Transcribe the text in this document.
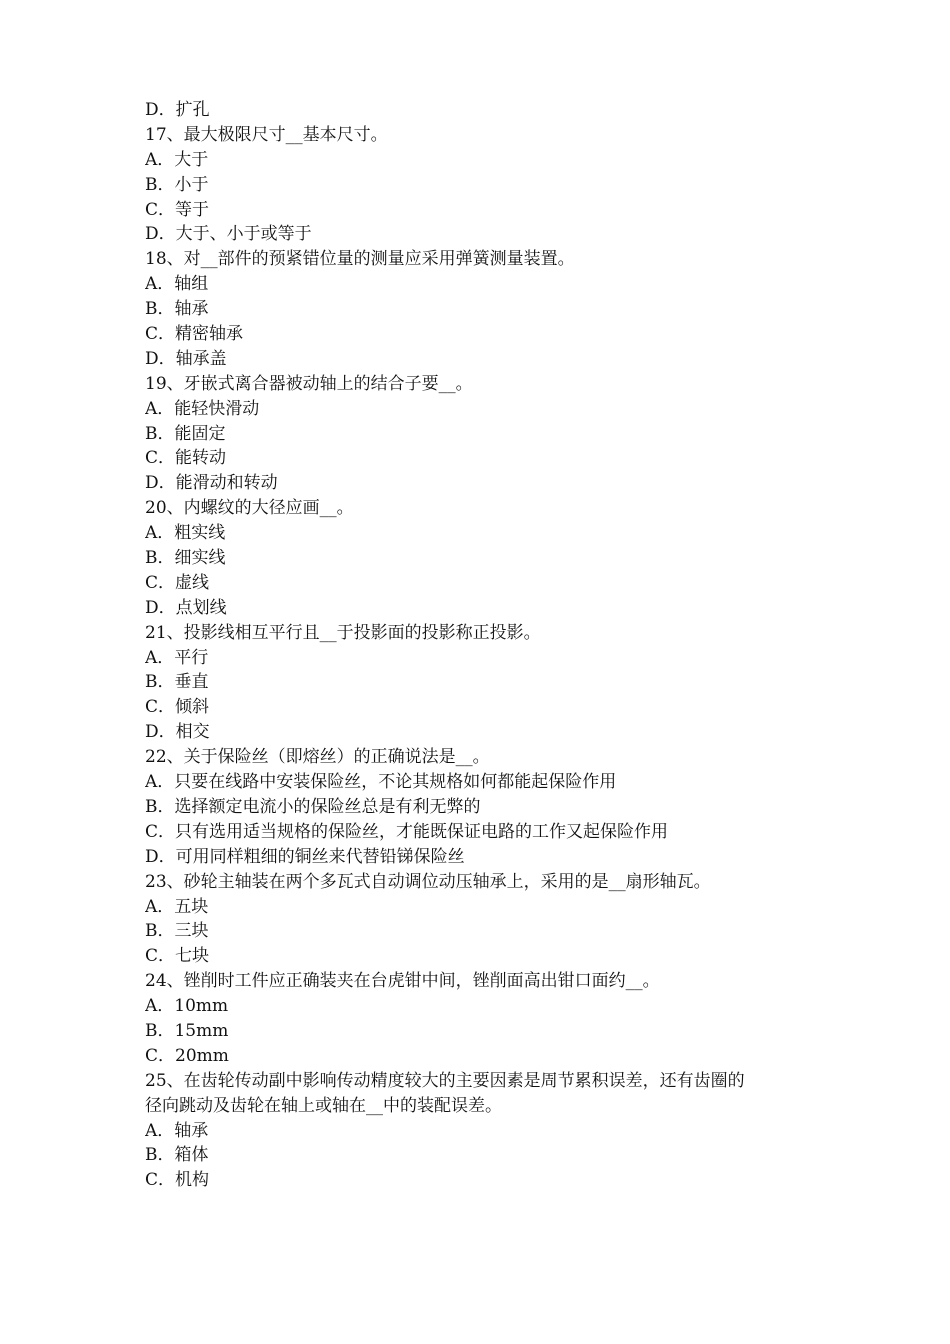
D．扩孔
17、最大极限尺寸__基本尺寸。
A．大于
B．小于
C．等于
D．大于、小于或等于
18、对__部件的预紧错位量的测量应采用弹簧测量装置。
A．轴组
B．轴承
C．精密轴承
D．轴承盖
19、牙嵌式离合器被动轴上的结合子要__。
A．能轻快滑动
B．能固定
C．能转动
D．能滑动和转动
20、内螺纹的大径应画__。
A．粗实线
B．细实线
C．虚线
D．点划线
21、投影线相互平行且__于投影面的投影称正投影。
A．平行
B．垂直
C．倾斜
D．相交
22、关于保险丝（即熔丝）的正确说法是__。
A．只要在线路中安装保险丝，不论其规格如何都能起保险作用
B．选择额定电流小的保险丝总是有利无弊的
C．只有选用适当规格的保险丝，才能既保证电路的工作又起保险作用
D．可用同样粗细的铜丝来代替铅锑保险丝
23、砂轮主轴装在两个多瓦式自动调位动压轴承上，采用的是__扇形轴瓦。
A．五块
B．三块
C．七块
24、锉削时工件应正确装夹在台虎钳中间，锉削面高出钳口面约__。
A．10mm
B．15mm
C．20mm
25、在齿轮传动副中影响传动精度较大的主要因素是周节累积误差，还有齿圈的
径向跳动及齿轮在轴上或轴在__中的装配误差。
A．轴承
B．箱体
C．机构
